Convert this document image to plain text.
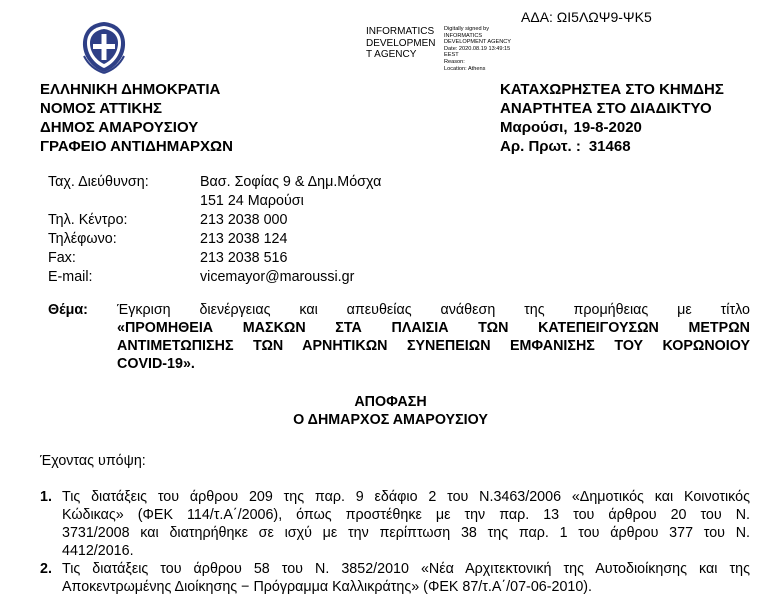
ΑΔΑ: ΩΙ5ΛΩΨ9-ΨΚ5
INFORMATICS
DEVELOPMEN
T AGENCY
Digitally signed by
INFORMATICS
DEVELOPMENT AGENCY
Date: 2020.08.19 13:49:15
EEST
Reason:
Location: Athens
ΕΛΛΗΝΙΚΗ ΔΗΜΟΚΡΑΤΙΑ
ΝΟΜΟΣ ΑΤΤΙΚΗΣ
ΔΗΜΟΣ ΑΜΑΡΟΥΣΙΟΥ
ΓΡΑΦΕΙΟ ΑΝΤΙΔΗΜΑΡΧΩΝ
ΚΑΤΑΧΩΡΗΣΤΕΑ ΣΤΟ ΚΗΜΔΗΣ
ΑΝΑΡΤΗΤΕΑ ΣΤΟ ΔΙΑΔΙΚΤΥΟ
Μαρούσι, 19-8-2020
Αρ. Πρωτ. : 31468
Ταχ. Διεύθυνση:	Βασ. Σοφίας 9 & Δημ.Μόσχα
151 24 Μαρούσι
Τηλ. Κέντρο:	213 2038 000
Τηλέφωνο:	213 2038 124
Fax:	213 2038 516
E-mail:	vicemayor@maroussi.gr
Θέμα: Έγκριση διενέργειας και απευθείας ανάθεση της προμήθειας με τίτλο
«ΠΡΟΜΗΘΕΙΑ ΜΑΣΚΩΝ ΣΤΑ ΠΛΑΙΣΙΑ ΤΩΝ ΚΑΤΕΠΕΙΓΟΥΣΩΝ ΜΕΤΡΩΝ
ΑΝΤΙΜΕΤΩΠΙΣΗΣ ΤΩΝ ΑΡΝΗΤΙΚΩΝ ΣΥΝΕΠΕΙΩΝ ΕΜΦΑΝΙΣΗΣ ΤΟΥ ΚΟΡΩΝΟΙΟΥ
COVID-19».
ΑΠΟΦΑΣΗ
Ο ΔΗΜΑΡΧΟΣ ΑΜΑΡΟΥΣΙΟΥ
Έχοντας υπόψη:
1. Τις διατάξεις του άρθρου 209 της παρ. 9 εδάφιο 2 του Ν.3463/2006 «Δημοτικός και Κοινοτικός
Κώδικας» (ΦΕΚ 114/τ.Α΄/2006), όπως προστέθηκε με την παρ. 13 του άρθρου 20 του Ν.
3731/2008 και διατηρήθηκε σε ισχύ με την περίπτωση 38 της παρ. 1 του άρθρου 377 του Ν.
4412/2016.
2. Τις διατάξεις του άρθρου 58 του Ν. 3852/2010 «Νέα Αρχιτεκτονική της Αυτοδιοίκησης και της
Αποκεντρωμένης Διοίκησης − Πρόγραμμα Καλλικράτης» (ΦΕΚ 87/τ.Α΄/07-06-2010).
